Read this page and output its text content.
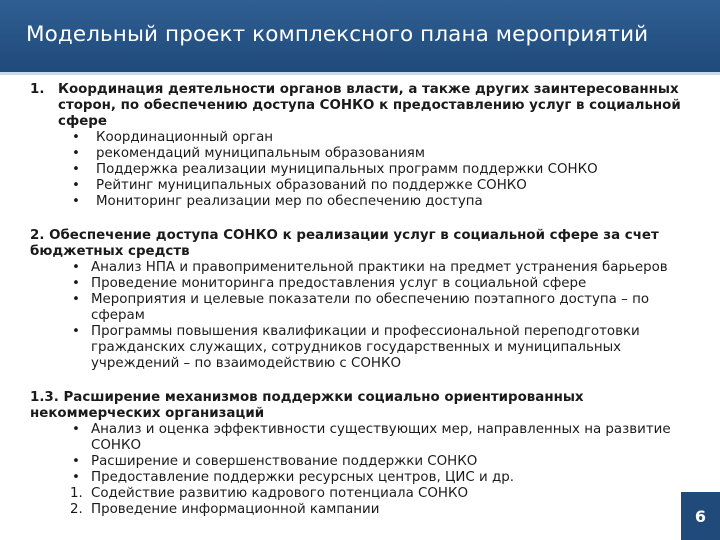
Модельный проект комплексного плана мероприятий
1. Координация деятельности органов власти, а также других заинтересованных
сторон, по обеспечению доступа СОНКО к предоставлению услуг в социальной
сфере
• Координационный орган
• рекомендаций муниципальным образованиям
• Поддержка реализации муниципальных программ поддержки СОНКО
• Рейтинг муниципальных образований по поддержке СОНКО
• Мониторинг реализации мер по обеспечению доступа
2. Обеспечение доступа СОНКО к реализации услуг в социальной сфере за счет
бюджетных средств
• Анализ НПА и правоприменительной практики на предмет устранения барьеров
• Проведение мониторинга предоставления услуг в социальной сфере
• Мероприятия и целевые показатели по обеспечению поэтапного доступа – по
сферам
• Программы повышения квалификации и профессиональной переподготовки
гражданских служащих, сотрудников государственных и муниципальных
учреждений – по взаимодействию с СОНКО
1.3. Расширение механизмов поддержки социально ориентированных
некоммерческих организаций
• Анализ и оценка эффективности существующих мер, направленных на развитие
СОНКО
• Расширение и совершенствование поддержки СОНКО
• Предоставление поддержки ресурсных центров, ЦИС и др.
1. Содействие развитию кадрового потенциала СОНКО
2. Проведение информационной кампании	6
